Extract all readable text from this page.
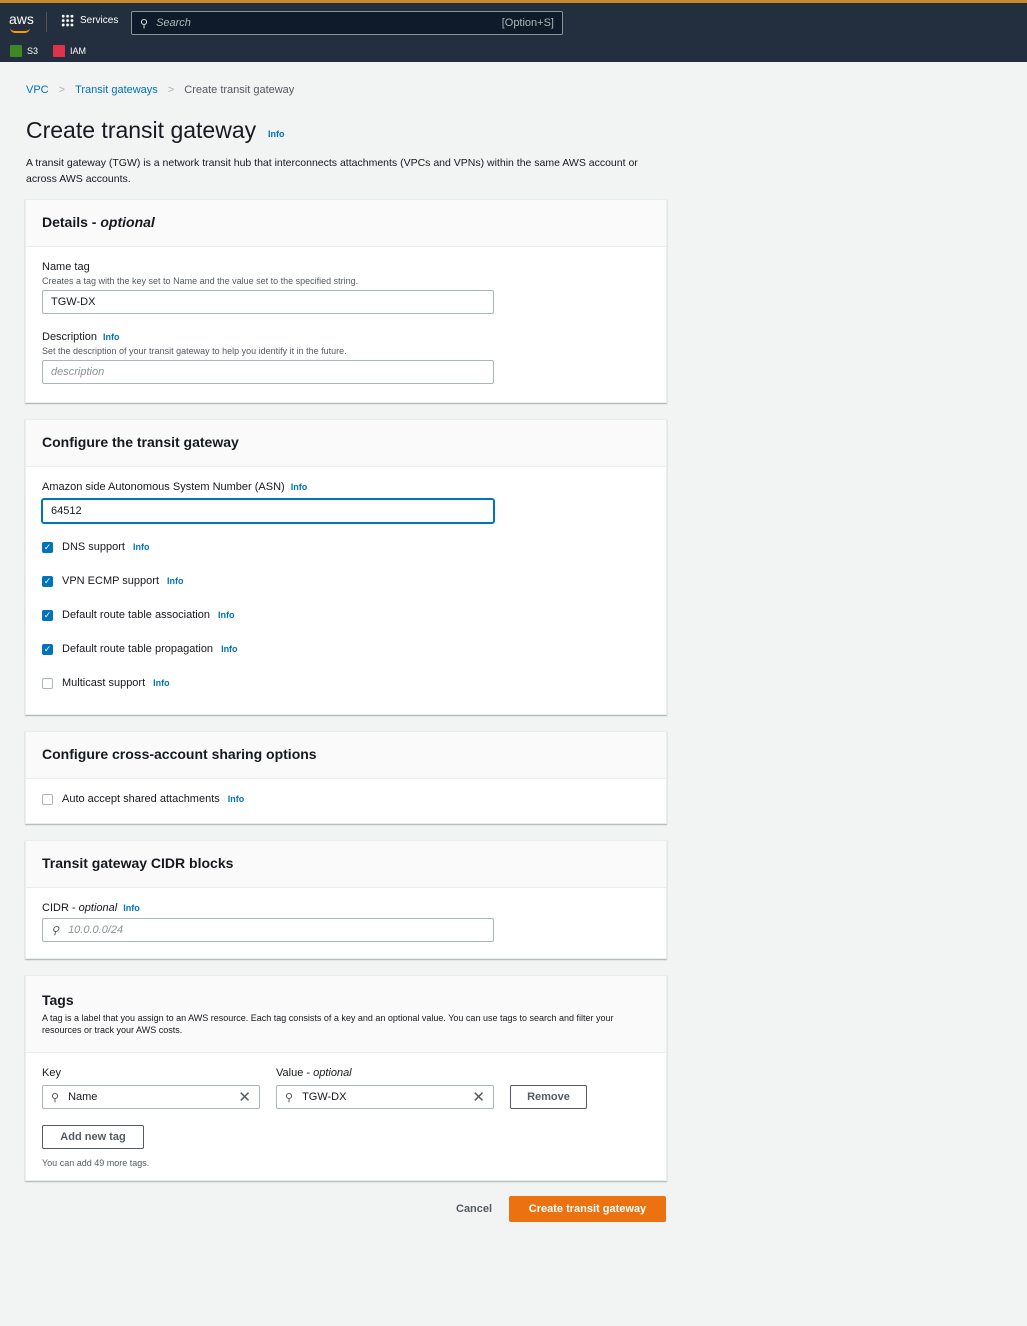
aws	Services ⚲ Search	[Option+S]
S3	IAM
VPC > Transit gateways > Create transit gateway
Create transit gateway Info

A transit gateway (TGW) is a network transit hub that interconnects attachments (VPCs and VPNs) within the same AWS account or across AWS accounts.

Details - optional
Name tag
Creates a tag with the key set to Name and the value set to the specified string.
TGW-DX
Description Info
Set the description of your transit gateway to help you identify it in the future.
description
Configure the transit gateway
Amazon side Autonomous System Number (ASN) Info
64512
✓ DNS support Info
✓ VPN ECMP support Info
✓ Default route table association Info
✓ Default route table propagation Info
Multicast support Info
Configure cross-account sharing options
Auto accept shared attachments Info
Transit gateway CIDR blocks
CIDR - optional Info
⚲ 10.0.0.0/24
Tags
A tag is a label that you assign to an AWS resource. Each tag consists of a key and an optional value. You can use tags to search and filter your resources or track your AWS costs.
Key	Value - optional
⚲ Name	✕	⚲ TGW-DX	✕	Remove
Add new tag
You can add 49 more tags.
Cancel	Create transit gateway
